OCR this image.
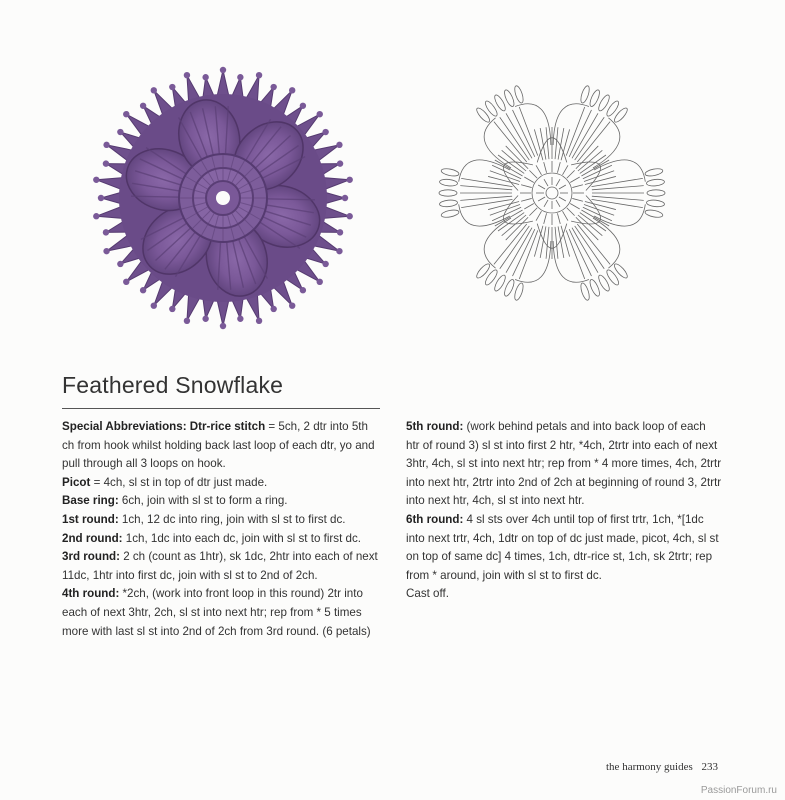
Feathered Snowflake

Special Abbreviations: Dtr-rice stitch = 5ch, 2 dtr into 5th ch from hook whilst holding back last loop of each dtr, yo and pull through all 3 loops on hook.

Picot = 4ch, sl st in top of dtr just made.

Base ring: 6ch, join with sl st to form a ring.

1st round: 1ch, 12 dc into ring, join with sl st to first dc.

2nd round: 1ch, 1dc into each dc, join with sl st to first dc.

3rd round: 2 ch (count as 1htr), sk 1dc, 2htr into each of next 11dc, 1htr into first dc, join with sl st to 2nd of 2ch.

4th round: *2ch, (work into front loop in this round) 2tr into each of next 3htr, 2ch, sl st into next htr; rep from * 5 times more with last sl st into 2nd of 2ch from 3rd round. (6 petals)

5th round: (work behind petals and into back loop of each htr of round 3) sl st into first 2 htr, *4ch, 2trtr into each of next 3htr, 4ch, sl st into next htr; rep from * 4 more times, 4ch, 2trtr into next htr, 2trtr into 2nd of 2ch at beginning of round 3, 2trtr into next htr, 4ch, sl st into next htr.

6th round: 4 sl sts over 4ch until top of first trtr, 1ch, *[1dc into next trtr, 4ch, 1dtr on top of dc just made, picot, 4ch, sl st on top of same dc] 4 times, 1ch, dtr-rice st, 1ch, sk 2trtr; rep from * around, join with sl st to first dc.

Cast off.

the harmony guides 233
PassionForum.ru
